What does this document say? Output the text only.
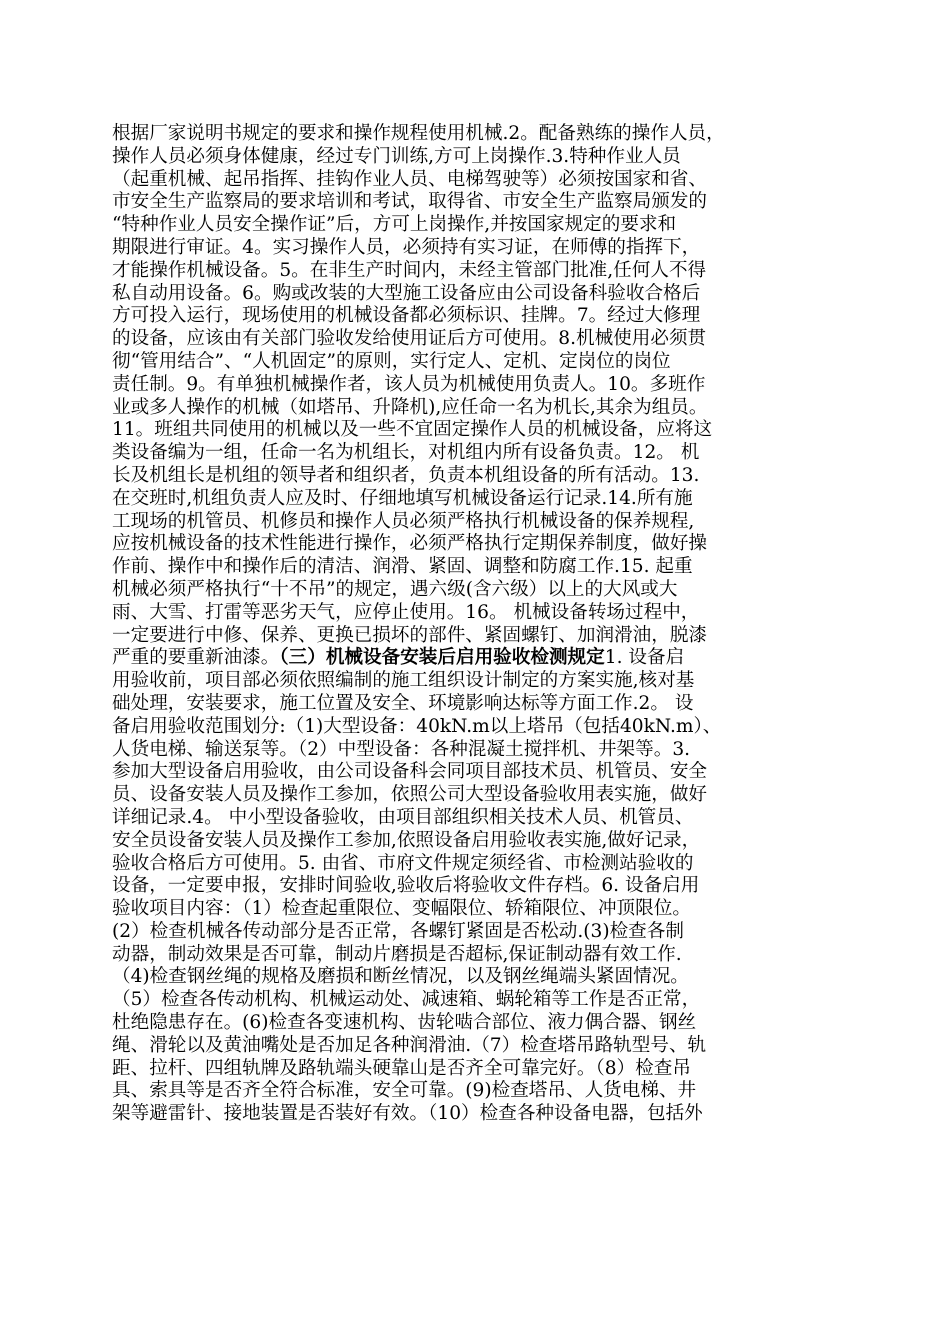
根据厂家说明书规定的要求和操作规程使用机械.2。配备熟练的操作人员，
操作人员必须身体健康，经过专门训练,方可上岗操作.3.特种作业人员
（起重机械、起吊指挥、挂钩作业人员、电梯驾驶等）必须按国家和省、
市安全生产监察局的要求培训和考试，取得省、市安全生产监察局颁发的
“特种作业人员安全操作证”后，方可上岗操作,并按国家规定的要求和
期限进行审证。4。实习操作人员，必须持有实习证，在师傅的指挥下，
才能操作机械设备。5。在非生产时间内，未经主管部门批准,任何人不得
私自动用设备。6。购或改装的大型施工设备应由公司设备科验收合格后
方可投入运行，现场使用的机械设备都必须标识、挂牌。7。经过大修理
的设备，应该由有关部门验收发给使用证后方可使用。8.机械使用必须贯
彻“管用结合”、“人机固定”的原则，实行定人、定机、定岗位的岗位
责任制。9。有单独机械操作者，该人员为机械使用负责人。10。多班作
业或多人操作的机械（如塔吊、升降机),应任命一名为机长,其余为组员。
11。班组共同使用的机械以及一些不宜固定操作人员的机械设备，应将这
类设备编为一组，任命一名为机组长，对机组内所有设备负责。12。 机
长及机组长是机组的领导者和组织者，负责本机组设备的所有活动。13.
在交班时,机组负责人应及时、仔细地填写机械设备运行记录.14.所有施
工现场的机管员、机修员和操作人员必须严格执行机械设备的保养规程,
应按机械设备的技术性能进行操作，必须严格执行定期保养制度，做好操
作前、操作中和操作后的清洁、润滑、紧固、调整和防腐工作.15. 起重
机械必须严格执行“十不吊”的规定，遇六级(含六级）以上的大风或大
雨、大雪、打雷等恶劣天气，应停止使用。16。 机械设备转场过程中，
一定要进行中修、保养、更换已损坏的部件、紧固螺钉、加润滑油，脱漆
严重的要重新油漆。（三）机械设备安装后启用验收检测规定1. 设备启
用验收前，项目部必须依照编制的施工组织设计制定的方案实施,核对基
础处理，安装要求，施工位置及安全、环境影响达标等方面工作.2。 设
备启用验收范围划分:（1)大型设备：40kN.m以上塔吊（包括40kN.m）、
人货电梯、输送泵等。（2）中型设备：各种混凝土搅拌机、井架等。3.
参加大型设备启用验收，由公司设备科会同项目部技术员、机管员、安全
员、设备安装人员及操作工参加，依照公司大型设备验收用表实施，做好
详细记录.4。 中小型设备验收，由项目部组织相关技术人员、机管员、
安全员设备安装人员及操作工参加,依照设备启用验收表实施,做好记录，
验收合格后方可使用。5. 由省、市府文件规定须经省、市检测站验收的
设备，一定要申报，安排时间验收,验收后将验收文件存档。6. 设备启用
验收项目内容：（1）检查起重限位、变幅限位、轿箱限位、冲顶限位。
(2）检查机械各传动部分是否正常，各螺钉紧固是否松动.(3)检查各制
动器，制动效果是否可靠，制动片磨损是否超标,保证制动器有效工作.
（4)检查钢丝绳的规格及磨损和断丝情况，以及钢丝绳端头紧固情况。
（5）检查各传动机构、机械运动处、减速箱、蜗轮箱等工作是否正常，
杜绝隐患存在。(6)检查各变速机构、齿轮啮合部位、液力偶合器、钢丝
绳、滑轮以及黄油嘴处是否加足各种润滑油.（7）检查塔吊路轨型号、轨
距、拉杆、四组轨牌及路轨端头硬靠山是否齐全可靠完好。（8）检查吊
具、索具等是否齐全符合标准，安全可靠。(9)检查塔吊、人货电梯、井
架等避雷针、接地装置是否装好有效。（10）检查各种设备电器，包括外
